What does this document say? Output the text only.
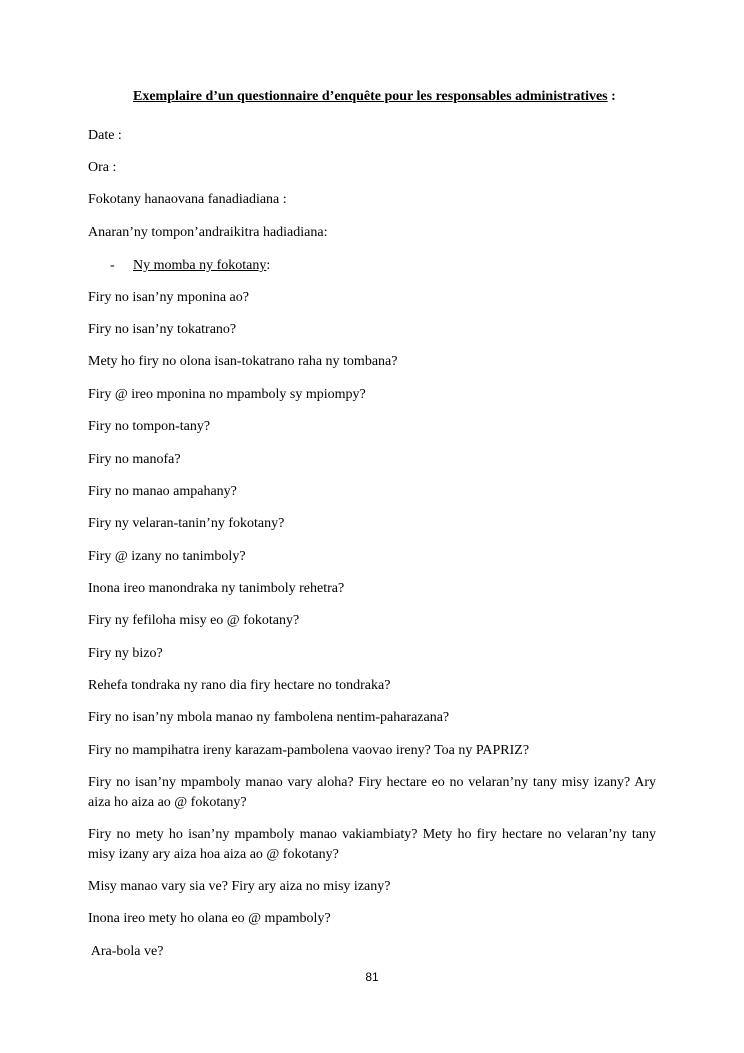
Exemplaire d’un questionnaire d’enquête pour les responsables administratives :
Date :
Ora :
Fokotany hanaovana fanadiadiana :
Anaran’ny tompon’andraikitra hadiadiana:
- Ny momba ny fokotany:
Firy no isan’ny mponina ao?
Firy no isan’ny tokatrano?
Mety ho firy no olona isan-tokatrano raha ny tombana?
Firy @ ireo mponina no mpamboly sy mpiompy?
Firy no tompon-tany?
Firy no manofa?
Firy no manao ampahany?
Firy ny velaran-tanin’ny fokotany?
Firy @ izany no tanimboly?
Inona ireo manondraka ny tanimboly rehetra?
Firy ny fefiloha misy eo @ fokotany?
Firy ny bizo?
Rehefa tondraka ny rano dia firy hectare no tondraka?
Firy no isan’ny mbola manao ny fambolena nentim-paharazana?
Firy no mampihatra ireny karazam-pambolena vaovao ireny? Toa ny PAPRIZ?
Firy no isan’ny mpamboly manao vary aloha? Firy hectare eo no velaran’ny tany misy izany? Ary aiza ho aiza ao @ fokotany?
Firy no mety ho isan’ny mpamboly manao vakiambiaty? Mety ho firy hectare no velaran’ny tany misy izany ary aiza hoa aiza ao @ fokotany?
Misy manao vary sia ve? Firy ary aiza no misy izany?
Inona ireo mety ho olana eo @ mpamboly?
Ara-bola ve?
81
